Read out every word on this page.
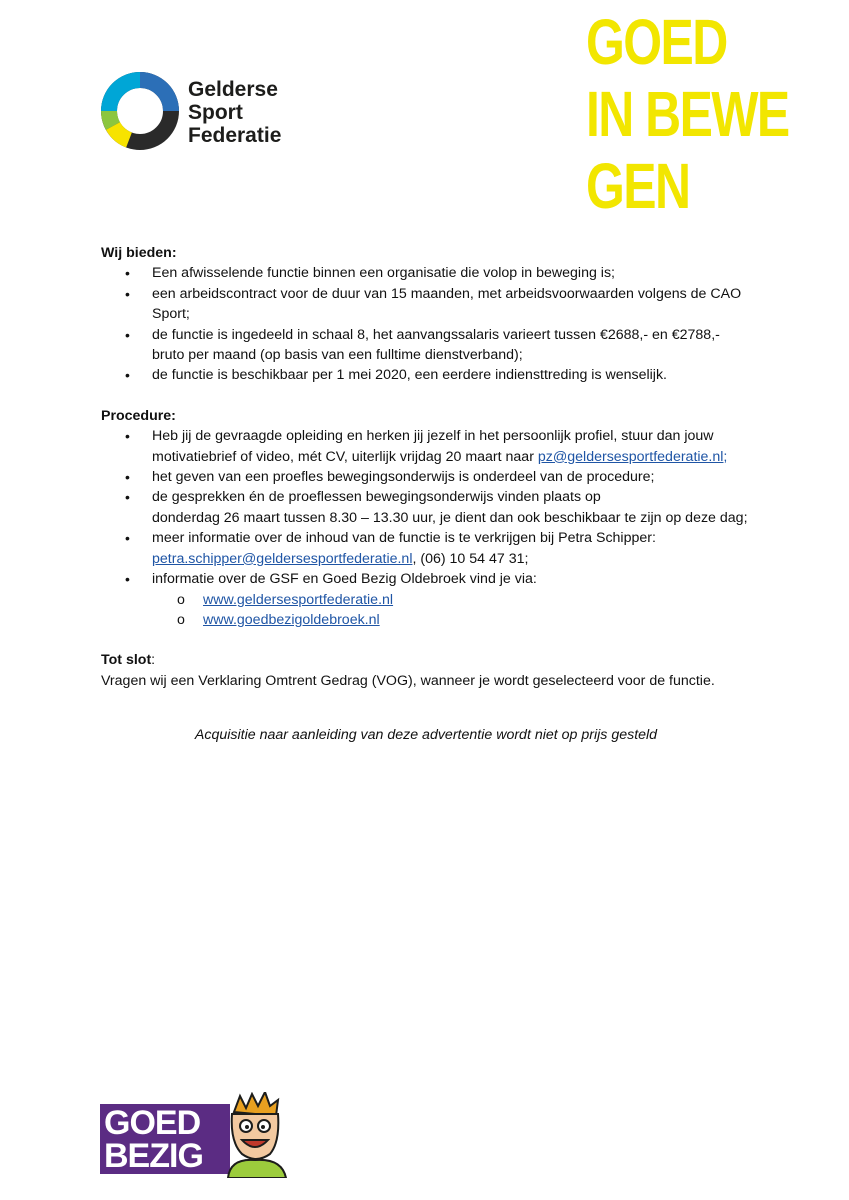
Gelderse
Sport
Federatie
GOED
IN BEWE
GEN
Wij bieden:
• Een afwisselende functie binnen een organisatie die volop in beweging is;
• een arbeidscontract voor de duur van 15 maanden, met arbeidsvoorwaarden volgens de CAO Sport;
• de functie is ingedeeld in schaal 8, het aanvangssalaris varieert tussen €2688,- en €2788,- bruto per maand (op basis van een fulltime dienstverband);
• de functie is beschikbaar per 1 mei 2020, een eerdere indiensttreding is wenselijk.
Procedure:
• Heb jij de gevraagde opleiding en herken jij jezelf in het persoonlijk profiel, stuur dan jouw motivatiebrief of video, mét CV, uiterlijk vrijdag 20 maart naar pz@geldersesportfederatie.nl;
• het geven van een proefles bewegingsonderwijs is onderdeel van de procedure;
• de gesprekken én de proeflessen bewegingsonderwijs vinden plaats op
donderdag 26 maart tussen 8.30 – 13.30 uur, je dient dan ook beschikbaar te zijn op deze dag;
• meer informatie over de inhoud van de functie is te verkrijgen bij Petra Schipper:
petra.schipper@geldersesportfederatie.nl, (06) 10 54 47 31;
• informatie over de GSF en Goed Bezig Oldebroek vind je via:
o www.geldersesportfederatie.nl
o www.goedbezigoldebroek.nl
Tot slot:
Vragen wij een Verklaring Omtrent Gedrag (VOG), wanneer je wordt geselecteerd voor de functie.
Acquisitie naar aanleiding van deze advertentie wordt niet op prijs gesteld
GOED
BEZIG
